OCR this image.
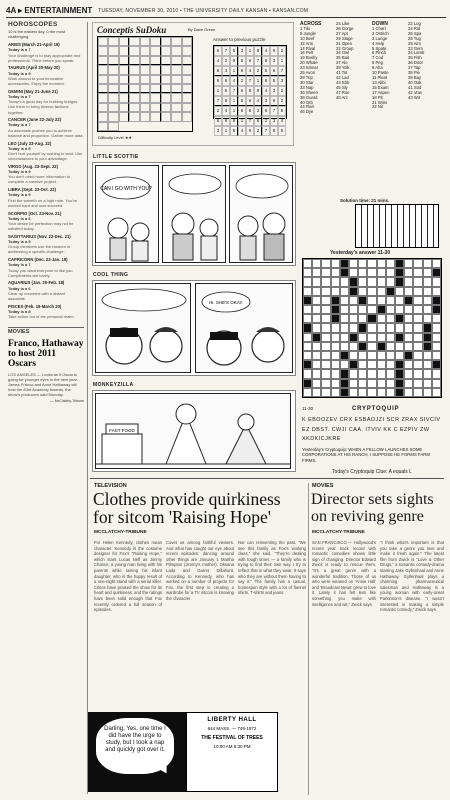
4A ▸ ENTERTAINMENT TUESDAY, NOVEMBER 30, 2010 ▪ THE UNIVERSITY DAILY KANSAN ▪ KANSAN.COM
HOROSCOPES
10 is the easiest day, 0 the most challenging.
ARIES (March 21-April 19)
Today is a 7
Your challenge is to stay appropriate and professional. Think before you speak.
TAURUS (April 20-May 20)
Today is a 9
Work around to your innovative accessories. Enjoy the moment.
GEMINI (May 21-June 21)
Today is a 7
Today's a good day for building bridges. Use them to bring diverse factions together.
CANCER (June 22-July 22)
Today is a 7
An associate pushes you to achieve balance and proportion. Gather more data.
LEO (July 23-Aug. 22)
Today is a 5
Don't hurt yourself by rushing to land. Use circumstances to your advantage.
VIRGO (Aug. 23-Sept. 22)
Today is a 9
You don't need more information to complete a creative project.
LIBRA (Sept. 23-Oct. 22)
Today is a 9
Find the warmth on a high note. You've worked hard and now succeed.
SCORPIO (Oct. 23-Nov. 21)
Today is a 6
Your desire for perfection may not be satisfied today.
SAGITTARIUS (Nov. 22-Dec. 21)
Today is a 9
Group members use the random in addressing a specific challenge.
CAPRICORN (Dec. 22-Jan. 19)
Today is a 7
Today you want everyone to like you. Compliments are lovely.
AQUARIUS (Jan. 20-Feb. 18)
Today is a 6
Clear up concerns with a distant associate.
PISCES (Feb. 19-March 20)
Today is a 8
Take action out of the personal realm.
MOVIES
Franco, Hathaway to host 2011 Oscars
LOS ANGELES — Looks as if Oscar is going for younger eyes in the new year. James Franco and Anne Hathaway will host the 83rd Academy Awards, the show's producers said Monday.
— McClatchy-Tribune
Conceptis SuDoku	By Dave Green
Answer to previous puzzle
6	7	5	3	1	8	4	9	2
4	2	9	5	6	7	8	3	1
8	3	1	9	4	2	5	6	7
9	6	4	2	7	1	8	5	3
1	5	7	6	8	9	4	3	2
7	8	1	5	6	4	3	9	2
2	4	1	6	8	3	9	7	5
5	9	8	1	7	6	2	3	4
3	1	6	4	9	2	7	8	5
Difficulty Level ★★
LITTLE SCOTTIE
CAN I GO WITH YOU?
COOL THING
HI. SHE'S OKAY.
MONKEYZILLA
FAST FOOD
ACROSS
1 Tiki
5 Jungle
10 Beef
12 Arm
14 Rival
16 Pelt
19 Bushy
20 Whale
23 Smear
25 Avon
28 Trip
30 Star
33 Nap
36 Sheen
38 Guard
40 Orb
44 Flair
46 Dye
24 Like
26 Gorge
27 Apt
29 Stage
31 Open
32 Group
34 Owl
35 Bait
37 Ale
39 Yolk
41 Tot
42 Lad
43 Ebb
45 Sly
47 Roe
48 Arc
DOWN
1 Chart
2 Ostrich
3 Lunge
4 Help
5 Spate
6 Pinch
7 Cod
8 Peg
9 Aha
10 Paste
11 Pleat
13 Alibi
15 Exam
17 Aspen
18 Pit
21 Wins
22 Nil
22 Log
24 Rid
26 Spa
28 Tug
29 Aim
33 Gem
34 Lamb
35 Fish
36 Door
37 Tap
38 Pie
39 Bay
40 Oak
41 Sod
42 Vow
43 Wit
Solution time: 21 mins.
Yesterday's answer 11-30
11-30	CRYPTOQUIP
K EBOOZEV CRX ESBAOJZI SCR ZRAX SIVCIV EZ DBST. CWJI CAA. ITVIV KK C EZPIV ZW XKDKICJKRE
Yesterday's Cryptoquip: WHEN A FELLOW LAUNCHES SOME CORPORATIONS AT HIS RANCH, I SUPPOSE HE FORMS FARM FIRMS.
Today's Cryptoquip Clue: A equals L
TELEVISION
Clothes provide quirkiness for sitcom 'Raising Hope'
MCCLATCHY-TRIBUNE
For Helen Kennedy, clothes mean character. Kennedy is the costume designer for Fox's "Raising Hope," which stars Lucas Neff as Jimmy Chance, a young man living with his parents while raising his infant daughter, who is the happy result of a one-night stand with a serial killer. Critics have praised the show for its heart and quirkiness, and the ratings have been solid enough that Fox recently ordered a full season of episodes.
Covet us among faithful viewers. And what has caught our eye about recent episodes: dancing around other things are January 1 Martha Plimpton (Jimmy's mother), Oksana Lada and Garret Dillahunt. According to Kennedy, who has worked on a number of projects for Fox, the first step in creating a wardrobe for a TV sitcom is knowing the character.
Nor can reinventing the past. "We see this family as Fox's working class," she said. "They're dealing with tough times — a family who is trying to find their own way. I try to reflect that in what they wear. It says who they are without them having to say it." The family has a casual, homespun style with a lot of flannel shirts, T-shirts and jeans.
MOVIES
Director sets sights on reviving genre
MCCLATCHY-TRIBUNE
SAN FRANCISCO — Hollywood's recent year track record with romantic comedies shows little sign of changing. Director Edward Zwick is ready to rescue them. "It's a great genre with a wonderful tradition. Those of us who were weaned on 'Annie Hall' and 'Broadcast News' grew to love it. Lately it has felt less like something you make with intelligence and wit," Zwick says.
"I think what's important is that you take a genre you love and make it fresh again." The latest film from Zwick is "Love & Other Drugs," a romantic comedy-drama starring Jake Gyllenhaal and Anne Hathaway. Gyllenhaal plays a charming pharmaceutical salesman and Hathaway is a young woman with early-onset Parkinson's disease. "I wasn't interested in making a simple romantic comedy," Zwick says.
Darling, Yes, one time I did have the urge to study, but I took a nap and quickly got over it.
LIBERTY HALL
644 MASS. — 749-1972
THE FESTIVAL OF TREES
10:00 AM 5:30 PM
